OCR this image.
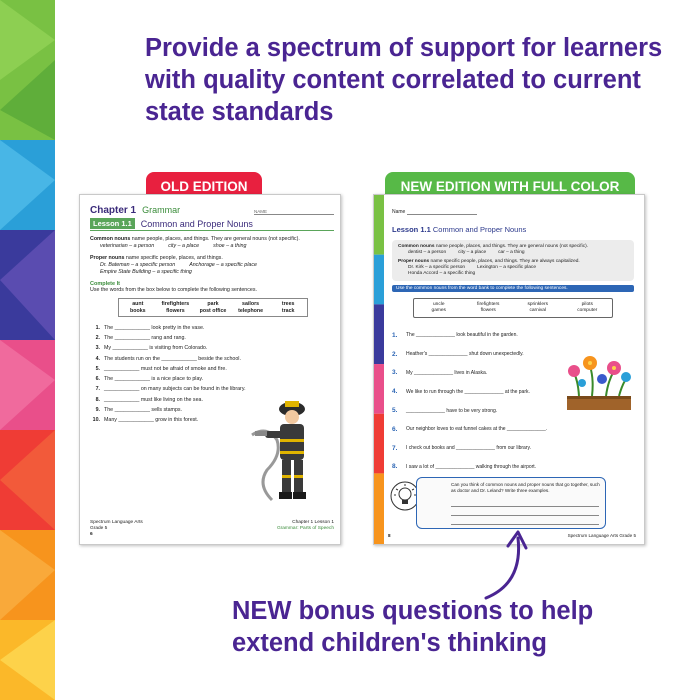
Provide a spectrum of support for learners with quality content correlated to current state standards
OLD EDITION	NEW EDITION WITH FULL COLOR
Chapter 1 Grammar	NAME
Lesson 1.1	Common and Proper Nouns
Common nouns name people, places, and things. They are general nouns (not specific).
veterinarian – a person	city – a place	shoe – a thing
Proper nouns name specific people, places, and things.
Dr. Bateman – a specific person	Anchorage – a specific place
Empire State Building – a specific thing
Complete It
Use the words from the box below to complete the following sentences.
aunt	firefighters	park	sailors	trees
books	flowers	post office	telephone	track
1. The ____________ look pretty in the vase.
2. The ____________ rang and rang.
3. My ____________ is visiting from Colorado.
4. The students run on the ____________ beside the school.
5. ____________ must not be afraid of smoke and fire.
6. The ____________ is a nice place to play.
7. ____________ on many subjects can be found in the library.
8. ____________ must like living on the sea.
9. The ____________ sells stamps.
10. Many ____________ grow in this forest.
Spectrum Language Arts
Grade 5
6
Chapter 1 Lesson 1
Grammar: Parts of Speech
Name
Lesson 1.1 Common and Proper Nouns
Common nouns name people, places, and things. They are general nouns (not specific).
dentist – a person	city – a place	car – a thing
Proper nouns name specific people, places, and things. They are always capitalized.
Dr. Kirk – a specific person	Lexington – a specific place
Honda Accord – a specific thing
Use the common nouns from the word bank to complete the following sentences.
uncle	firefighters	sprinklers	pilots
games	flowers	carnival	computer
1.	The ______________ look beautiful in the garden.
2.	Heather's ______________ shut down unexpectedly.
3.	My ______________ lives in Alaska.
4.	We like to run through the ______________ at the park.
5.	______________ have to be very strong.
6.	Our neighbor loves to eat funnel cakes at the ______________.
7.	I check out books and ______________ from our library.
8.	I saw a lot of ______________ walking through the airport.
Can you think of common nouns and proper nouns that go together, such as doctor and Dr. Leland? Write three examples.
8	Spectrum Language Arts Grade 5
NEW bonus questions to help extend children's thinking
